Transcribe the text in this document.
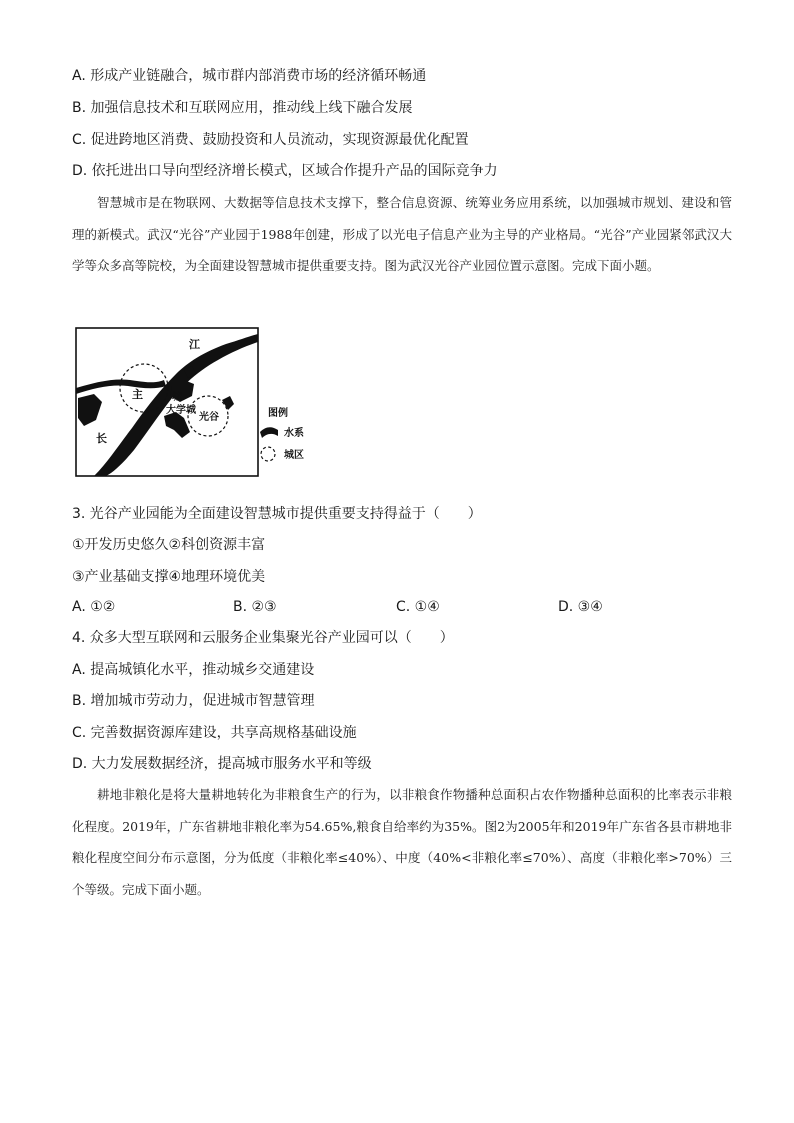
A. 形成产业链融合，城市群内部消费市场的经济循环畅通
B. 加强信息技术和互联网应用，推动线上线下融合发展
C. 促进跨地区消费、鼓励投资和人员流动，实现资源最优化配置
D. 依托进出口导向型经济增长模式，区域合作提升产品的国际竞争力
智慧城市是在物联网、大数据等信息技术支撑下，整合信息资源、统筹业务应用系统，以加强城市规划、建设和管理的新模式。武汉“光谷”产业园于1988年创建，形成了以光电子信息产业为主导的产业格局。“光谷”产业园紧邻武汉大学等众多高等院校，为全面建设智慧城市提供重要支持。图为武汉光谷产业园位置示意图。完成下面小题。
江
主	城
大学城
光谷
长
图例
水系
城区
3. 光谷产业园能为全面建设智慧城市提供重要支持得益于（　　）
①开发历史悠久②科创资源丰富
③产业基础支撑④地理环境优美
A. ①②	B. ②③	C. ①④	D. ③④
4. 众多大型互联网和云服务企业集聚光谷产业园可以（　　）
A. 提高城镇化水平，推动城乡交通建设
B. 增加城市劳动力，促进城市智慧管理
C. 完善数据资源库建设，共享高规格基础设施
D. 大力发展数据经济，提高城市服务水平和等级
耕地非粮化是将大量耕地转化为非粮食生产的行为，以非粮食作物播种总面积占农作物播种总面积的比率表示非粮化程度。2019年，广东省耕地非粮化率为54.65%,粮食自给率约为35%。图2为2005年和2019年广东省各县市耕地非粮化程度空间分布示意图，分为低度（非粮化率≤40%）、中度（40%<非粮化率≤70%）、高度（非粮化率>70%）三个等级。完成下面小题。
